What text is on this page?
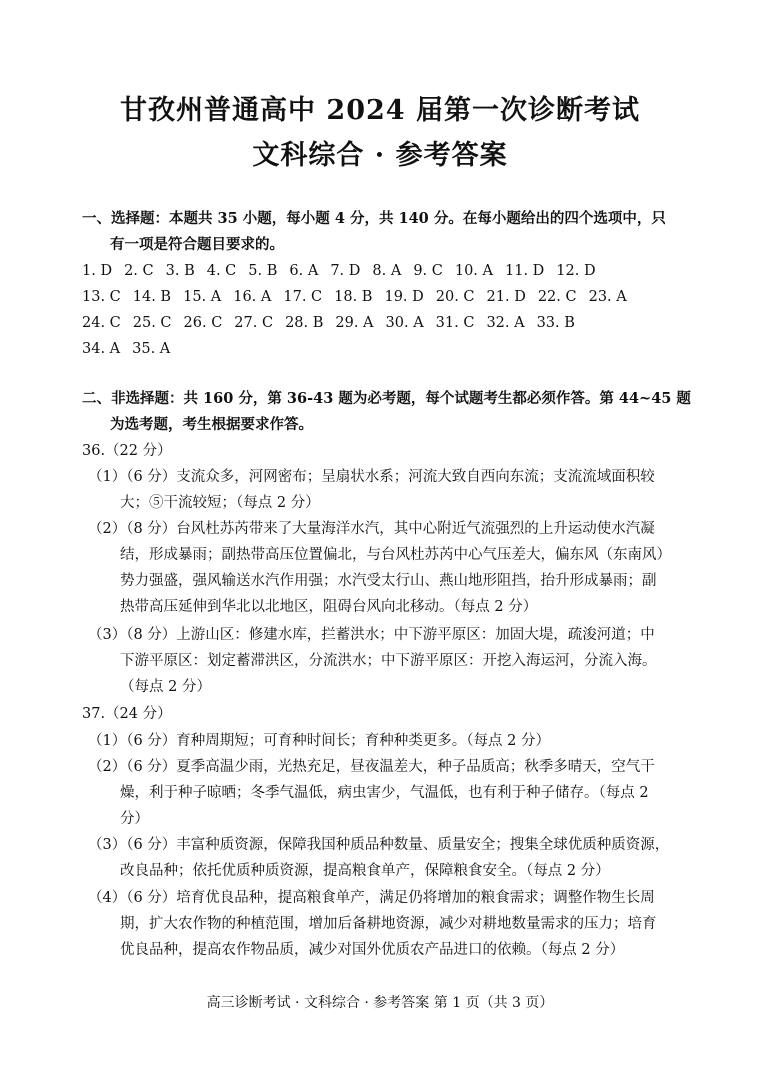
甘孜州普通高中 2024 届第一次诊断考试
文科综合 · 参考答案
一、选择题：本题共 35 小题，每小题 4 分，共 140 分。在每小题给出的四个选项中，只
有一项是符合题目要求的。
1. D 2. C 3. B 4. C 5. B 6. A 7. D 8. A 9. C 10. A 11. D 12. D
13. C 14. B 15. A 16. A 17. C 18. B 19. D 20. C 21. D 22. C 23. A
24. C 25. C 26. C 27. C 28. B 29. A 30. A 31. C 32. A 33. B
34. A 35. A
二、非选择题：共 160 分，第 36-43 题为必考题，每个试题考生都必须作答。第 44~45 题
为选考题，考生根据要求作答。
36.（22 分）
（1）（6 分）支流众多，河网密布；呈扇状水系；河流大致自西向东流；支流流域面积较
大；⑤干流较短；（每点 2 分）
（2）（8 分）台风杜苏芮带来了大量海洋水汽，其中心附近气流强烈的上升运动使水汽凝
结，形成暴雨；副热带高压位置偏北，与台风杜苏芮中心气压差大，偏东风（东南风）
势力强盛，强风输送水汽作用强；水汽受太行山、燕山地形阻挡，抬升形成暴雨；副
热带高压延伸到华北以北地区，阻碍台风向北移动。（每点 2 分）
（3）（8 分）上游山区：修建水库，拦蓄洪水；中下游平原区：加固大堤，疏浚河道；中
下游平原区：划定蓄滞洪区，分流洪水；中下游平原区：开挖入海运河，分流入海。
（每点 2 分）
37.（24 分）
（1）（6 分）育种周期短；可育种时间长；育种种类更多。（每点 2 分）
（2）（6 分）夏季高温少雨，光热充足，昼夜温差大，种子品质高；秋季多晴天，空气干
燥，利于种子晾晒；冬季气温低，病虫害少，气温低，也有利于种子储存。（每点 2
分）
（3）（6 分）丰富种质资源，保障我国种质品种数量、质量安全；搜集全球优质种质资源，
改良品种；依托优质种质资源，提高粮食单产，保障粮食安全。（每点 2 分）
（4）（6 分）培育优良品种，提高粮食单产，满足仍将增加的粮食需求；调整作物生长周
期，扩大农作物的种植范围，增加后备耕地资源，减少对耕地数量需求的压力；培育
优良品种，提高农作物品质，减少对国外优质农产品进口的依赖。（每点 2 分）
高三诊断考试 · 文科综合 · 参考答案 第 1 页（共 3 页）
